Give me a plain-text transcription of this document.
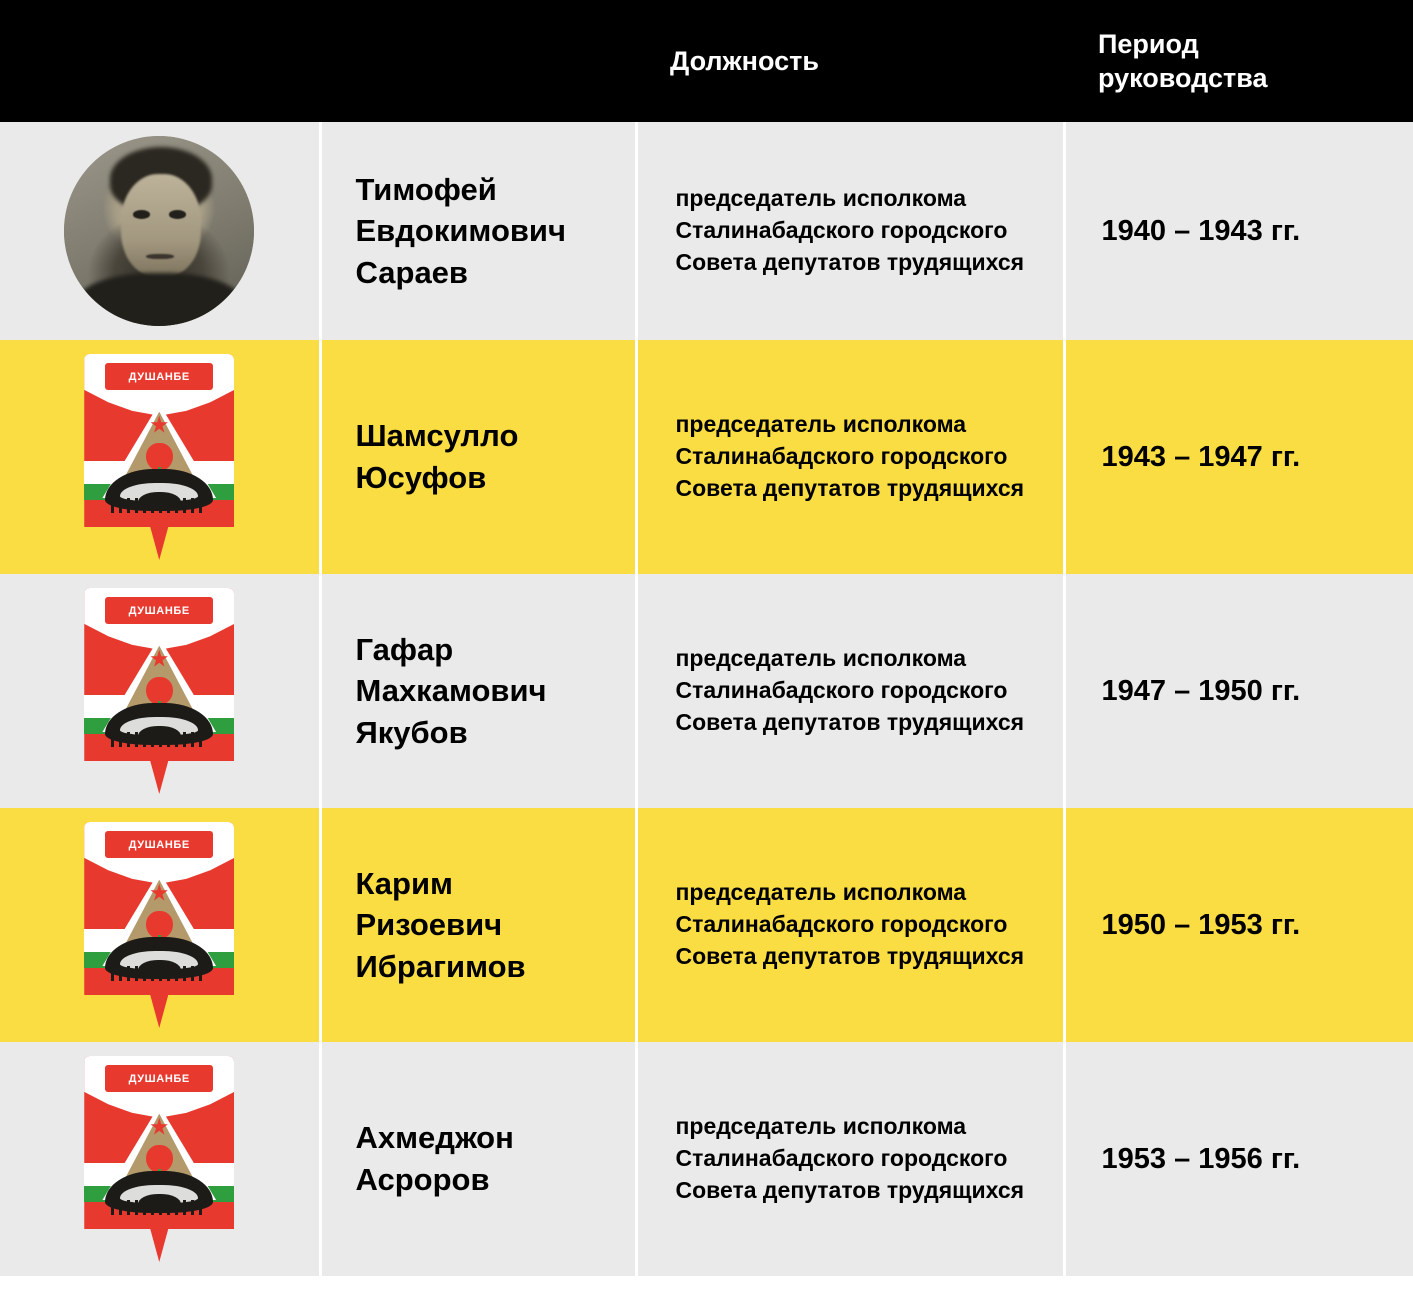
		Должность	Период
руководства

	Тимофей
Евдокимович
Сараев	председатель исполкома Сталинабадского городского Совета депутатов трудящихся	1940 – 1943 гг.

ДУШАНБЕ	Шамсулло
Юсуфов	председатель исполкома Сталинабадского городского Совета депутатов трудящихся	1943 – 1947 гг.

ДУШАНБЕ	Гафар
Махкамович
Якубов	председатель исполкома Сталинабадского городского Совета депутатов трудящихся	1947 – 1950 гг.

ДУШАНБЕ	Карим
Ризоевич
Ибрагимов	председатель исполкома Сталинабадского городского Совета депутатов трудящихся	1950 – 1953 гг.

ДУШАНБЕ	Ахмеджон
Асроров	председатель исполкома Сталинабадского городского Совета депутатов трудящихся	1953 – 1956 гг.
